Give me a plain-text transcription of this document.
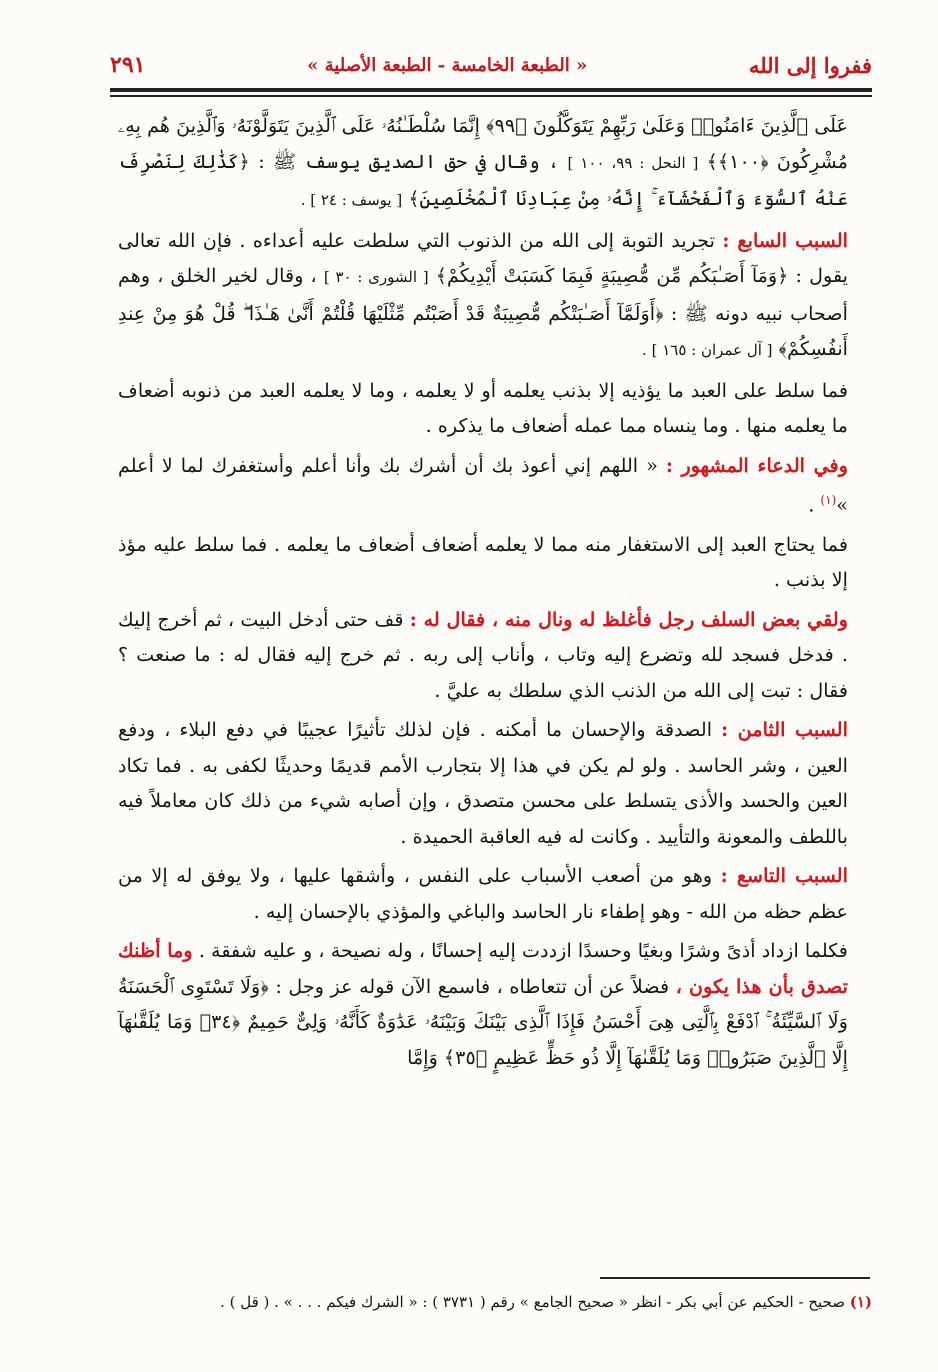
ففروا إلى الله
« الطبعة الخامسة - الطبعة الأصلية »
٢٩١

عَلَى ٱلَّذِينَ ءَامَنُوا۟ وَعَلَىٰ رَبِّهِمْ يَتَوَكَّلُونَ ﴿٩٩﴾ إِنَّمَا سُلْطَـٰنُهُۥ عَلَى ٱلَّذِينَ يَتَوَلَّوْنَهُۥ وَٱلَّذِينَ هُم بِهِۦ مُشْرِكُونَ ﴿١٠٠﴾﴾ [ النحل : ٩٩، ١٠٠ ] ، وقال في حق الصديق يوسف ﷺ : ﴿كَذَٰلِكَ لِنَصْرِفَ عَنْهُ ٱلسُّوٓءَ وَٱلْفَحْشَآءَ ۚ إِنَّهُۥ مِنْ عِبَادِنَا ٱلْمُخْلَصِينَ﴾ [ يوسف : ٢٤ ] .

السبب السابع : تجريد التوبة إلى الله من الذنوب التي سلطت عليه أعداءه . فإن الله تعالى يقول : ﴿وَمَآ أَصَـٰبَكُم مِّن مُّصِيبَةٍ فَبِمَا كَسَبَتْ أَيْدِيكُمْ﴾ [ الشورى : ٣٠ ] ، وقال لخير الخلق ، وهم أصحاب نبيه دونه ﷺ : ﴿أَوَلَمَّآ أَصَـٰبَتْكُم مُّصِيبَةٌ قَدْ أَصَبْتُم مِّثْلَيْهَا قُلْتُمْ أَنَّىٰ هَـٰذَا ۖ قُلْ هُوَ مِنْ عِندِ أَنفُسِكُمْ﴾ [ آل عمران : ١٦٥ ] .

فما سلط على العبد ما يؤذيه إلا بذنب يعلمه أو لا يعلمه ، وما لا يعلمه العبد من ذنوبه أضعاف ما يعلمه منها . وما ينساه مما عمله أضعاف ما يذكره .

وفي الدعاء المشهور : « اللهم إني أعوذ بك أن أشرك بك وأنا أعلم وأستغفرك لما لا أعلم »$^{(١)}$ .

فما يحتاج العبد إلى الاستغفار منه مما لا يعلمه أضعاف أضعاف ما يعلمه . فما سلط عليه مؤذ إلا بذنب .

ولقي بعض السلف رجل فأغلظ له ونال منه ، فقال له : قف حتى أدخل البيت ، ثم أخرج إليك . فدخل فسجد لله وتضرع إليه وتاب ، وأناب إلى ربه . ثم خرج إليه فقال له : ما صنعت ؟ فقال : تبت إلى الله من الذنب الذي سلطك به عليَّ .

السبب الثامن : الصدقة والإحسان ما أمكنه . فإن لذلك تأثيرًا عجيبًا في دفع البلاء ، ودفع العين ، وشر الحاسد . ولو لم يكن في هذا إلا بتجارب الأمم قديمًا وحديثًا لكفى به . فما تكاد العين والحسد والأذى يتسلط على محسن متصدق ، وإن أصابه شيء من ذلك كان معاملاً فيه باللطف والمعونة والتأييد . وكانت له فيه العاقبة الحميدة .

السبب التاسع : وهو من أصعب الأسباب على النفس ، وأشقها عليها ، ولا يوفق له إلا من عظم حظه من الله - وهو إطفاء نار الحاسد والباغي والمؤذي بالإحسان إليه .

فكلما ازداد أذىً وشرًا وبغيًا وحسدًا ازددت إليه إحسانًا ، وله نصيحة ، و عليه شفقة . وما أظنك تصدق بأن هذا يكون ، فضلاً عن أن تتعاطاه ، فاسمع الآن قوله عز وجل : ﴿وَلَا تَسْتَوِى ٱلْحَسَنَةُ وَلَا ٱلسَّيِّئَةُ ۚ ٱدْفَعْ بِٱلَّتِى هِىَ أَحْسَنُ فَإِذَا ٱلَّذِى بَيْنَكَ وَبَيْنَهُۥ عَدَٰوَةٌ كَأَنَّهُۥ وَلِىٌّ حَمِيمٌ ﴿٣٤﴾ وَمَا يُلَقَّىٰهَآ إِلَّا ٱلَّذِينَ صَبَرُوا۟ وَمَا يُلَقَّىٰهَآ إِلَّا ذُو حَظٍّ عَظِيمٍ ﴿٣٥﴾ وَإِمَّا

(١) صحيح - الحكيم عن أبي بكر - انظر « صحيح الجامع » رقم ( ٣٧٣١ ) : « الشرك فيكم . . . » . ( قل ) .
